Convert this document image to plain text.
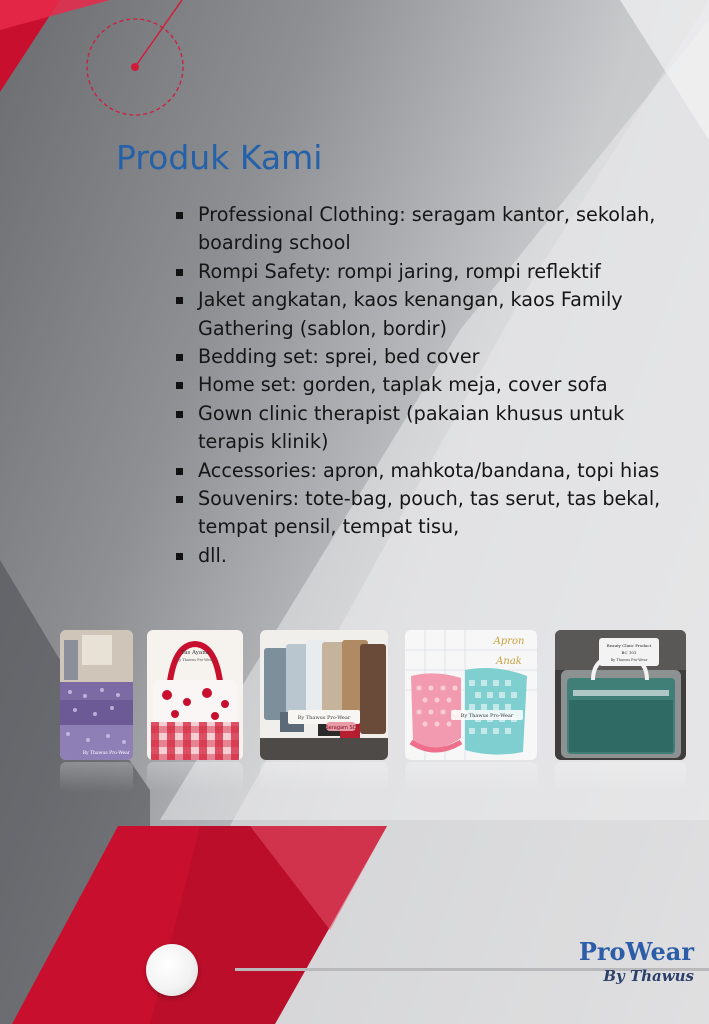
Produk Kami
Professional Clothing: seragam kantor, sekolah, boarding school
Rompi Safety: rompi jaring, rompi reflektif
Jaket angkatan, kaos kenangan, kaos Family Gathering (sablon, bordir)
Bedding set: sprei, bed cover
Home set: gorden, taplak meja, cover sofa
Gown clinic therapist (pakaian khusus untuk terapis klinik)
Accessories: apron, mahkota/bandana, topi hias
Souvenirs: tote-bag, pouch, tas serut, tas bekal, tempat pensil, tempat tisu,
dll.
By Thawus Pro-Wear
Tas Ayana
By Thawus Pro-Wear
By Thawus Pro-Wear
Seragam SD
Apron
Anak
By Thawus Pro-Wear
Beauty Clinic Product
BC 101
By Thawus Pro-Wear
ProWear
By Thawus
